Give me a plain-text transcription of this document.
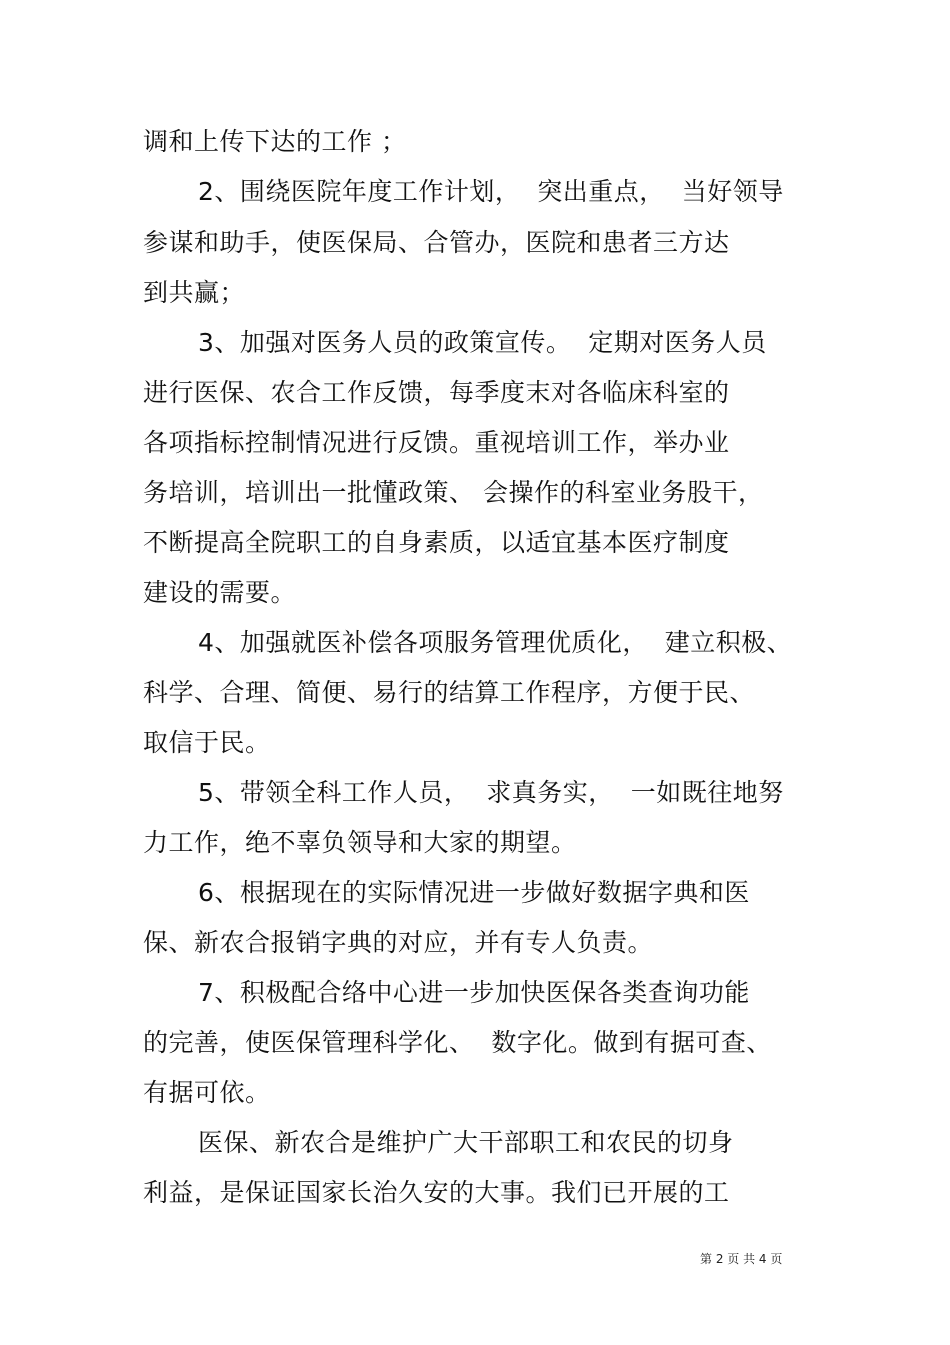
调和上传下达的工作 ；
2、围绕医院年度工作计划，  突出重点，  当好领导
参谋和助手，使医保局、合管办，医院和患者三方达
到共赢；
3、加强对医务人员的政策宣传。  定期对医务人员
进行医保、农合工作反馈，每季度末对各临床科室的
各项指标控制情况进行反馈。重视培训工作，举办业
务培训，培训出一批懂政策、 会操作的科室业务股干，
不断提高全院职工的自身素质，以适宜基本医疗制度
建设的需要。
4、加强就医补偿各项服务管理优质化，  建立积极、
科学、合理、简便、易行的结算工作程序，方便于民、
取信于民。
5、带领全科工作人员，  求真务实，  一如既往地努
力工作，绝不辜负领导和大家的期望。
6、根据现在的实际情况进一步做好数据字典和医
保、新农合报销字典的对应，并有专人负责。
7、积极配合络中心进一步加快医保各类查询功能
的完善，使医保管理科学化、  数字化。做到有据可查、
有据可依。
医保、新农合是维护广大干部职工和农民的切身
利益，是保证国家长治久安的大事。我们已开展的工
第 2 页 共 4 页
